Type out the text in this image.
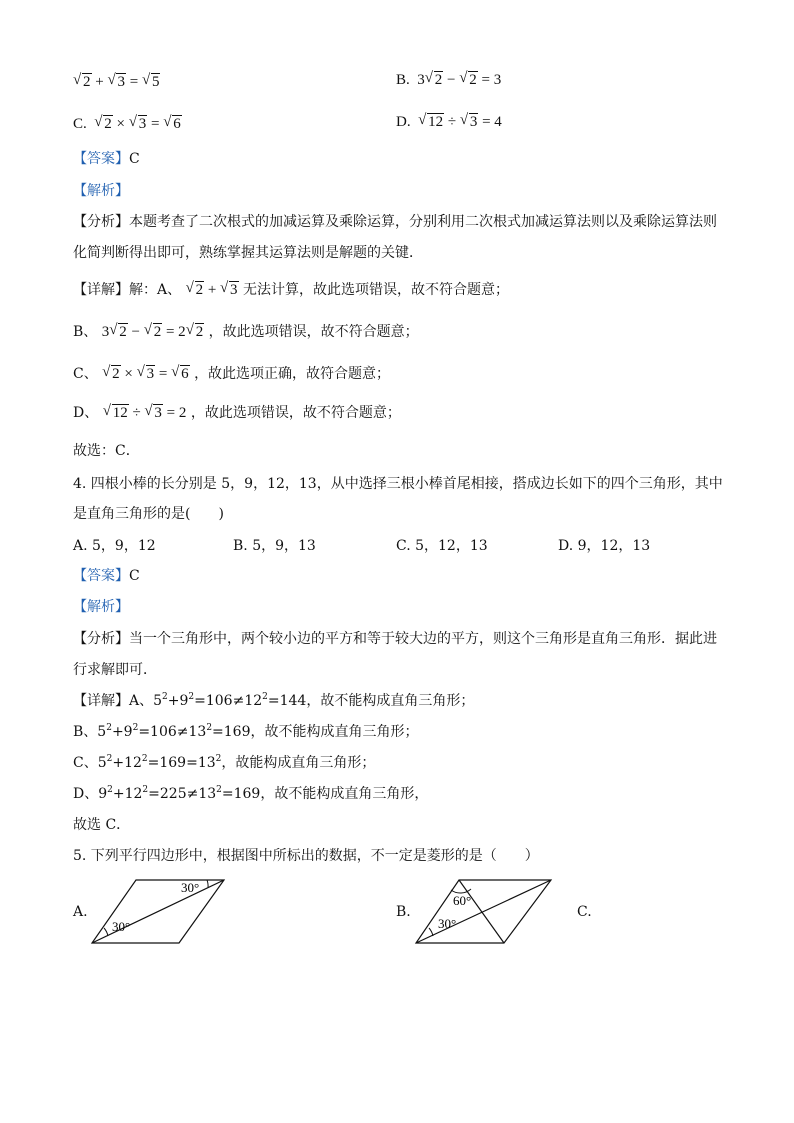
√ 2 + √ 3 = √ 5	B. 3 √ 2 − √ 2 = 3
C. √ 2 × √ 3 = √ 6	D. √ 12 ÷ √ 3 = 4
【答案】C
【解析】
【分析】本题考查了二次根式的加减运算及乘除运算，分别利用二次根式加减运算法则以及乘除运算法则
化简判断得出即可，熟练掌握其运算法则是解题的关键．
【详解】解：A、 √ 2 + √ 3 无法计算，故此选项错误，故不符合题意；
B、 3 √ 2 − √ 2 = 2 √ 2 ，故此选项错误，故不符合题意；
C、 √ 2 × √ 3 = √ 6 ，故此选项正确，故符合题意；
D、 √ 12 ÷ √ 3 = 2 ，故此选项错误，故不符合题意；
故选：C．
4. 四根小棒的长分别是 5，9，12，13，从中选择三根小棒首尾相接，搭成边长如下的四个三角形，其中
是直角三角形的是(　　)
A. 5，9，12	B. 5，9，13	C. 5，12，13	D. 9，12，13
【答案】C
【解析】
【分析】当一个三角形中，两个较小边的平方和等于较大边的平方，则这个三角形是直角三角形．据此进
行求解即可．
【详解】A、$5^2+9^2=106\ne 12^2=144$，故不能构成直角三角形；
B、$5^2+9^2=106\ne 13^2=169$，故不能构成直角三角形；
C、$5^2+12^2=169=13^2$，故能构成直角三角形；
D、$9^2+12^2=225\ne 13^2=169$，故不能构成直角三角形，
故选 C．
5. 下列平行四边形中，根据图中所标出的数据，不一定是菱形的是（　　）
A.
30°
30°
B.
60°
30°
C.
